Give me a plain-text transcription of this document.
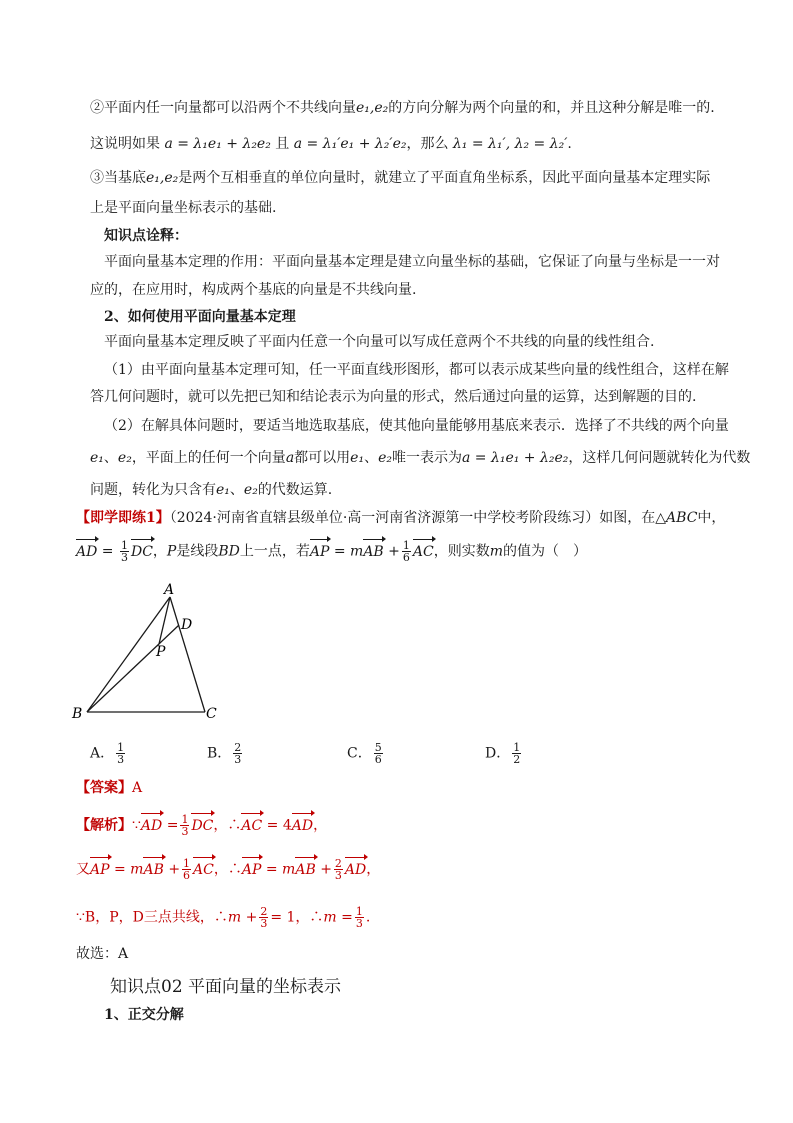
②平面内任一向量都可以沿两个不共线向量e₁,e₂的方向分解为两个向量的和，并且这种分解是唯一的.
这说明如果 a = λ₁e₁ + λ₂e₂ 且 a = λ₁′e₁ + λ₂′e₂，那么 λ₁ = λ₁′, λ₂ = λ₂′.
③当基底e₁,e₂是两个互相垂直的单位向量时，就建立了平面直角坐标系，因此平面向量基本定理实际
上是平面向量坐标表示的基础.
知识点诠释：
平面向量基本定理的作用：平面向量基本定理是建立向量坐标的基础，它保证了向量与坐标是一一对
应的，在应用时，构成两个基底的向量是不共线向量.
2、如何使用平面向量基本定理
平面向量基本定理反映了平面内任意一个向量可以写成任意两个不共线的向量的线性组合.
（1）由平面向量基本定理可知，任一平面直线形图形，都可以表示成某些向量的线性组合，这样在解
答几何问题时，就可以先把已知和结论表示为向量的形式，然后通过向量的运算，达到解题的目的.
（2）在解具体问题时，要适当地选取基底，使其他向量能够用基底来表示．选择了不共线的两个向量
e₁、e₂，平面上的任何一个向量a都可以用e₁、e₂唯一表示为a = λ₁e₁ + λ₂e₂，这样几何问题就转化为代数
问题，转化为只含有e₁、e₂的代数运算.
【即学即练1】（2024·河南省直辖县级单位·高一河南省济源第一中学校考阶段练习）如图，在△ABC中，
AD = $\frac{1}{3}$ DC，P是线段BD上一点，若AP = mAB + $\frac{1}{6}$ AC，则实数m的值为（　）
A
B	C
D
P
A． $\frac{1}{3}$	B． $\frac{2}{3}$	C． $\frac{5}{6}$	D． $\frac{1}{2}$
【答案】A
【解析】∵AD = $\frac{1}{3}$ DC，∴AC = 4AD，
又AP = mAB + $\frac{1}{6}$ AC，∴AP = mAB + $\frac{2}{3}$ AD，
∵B，P，D三点共线，∴m + $\frac{2}{3} = 1$，∴m = $\frac{1}{3}$ .
故选：A
知识点02 平面向量的坐标表示
1、正交分解
